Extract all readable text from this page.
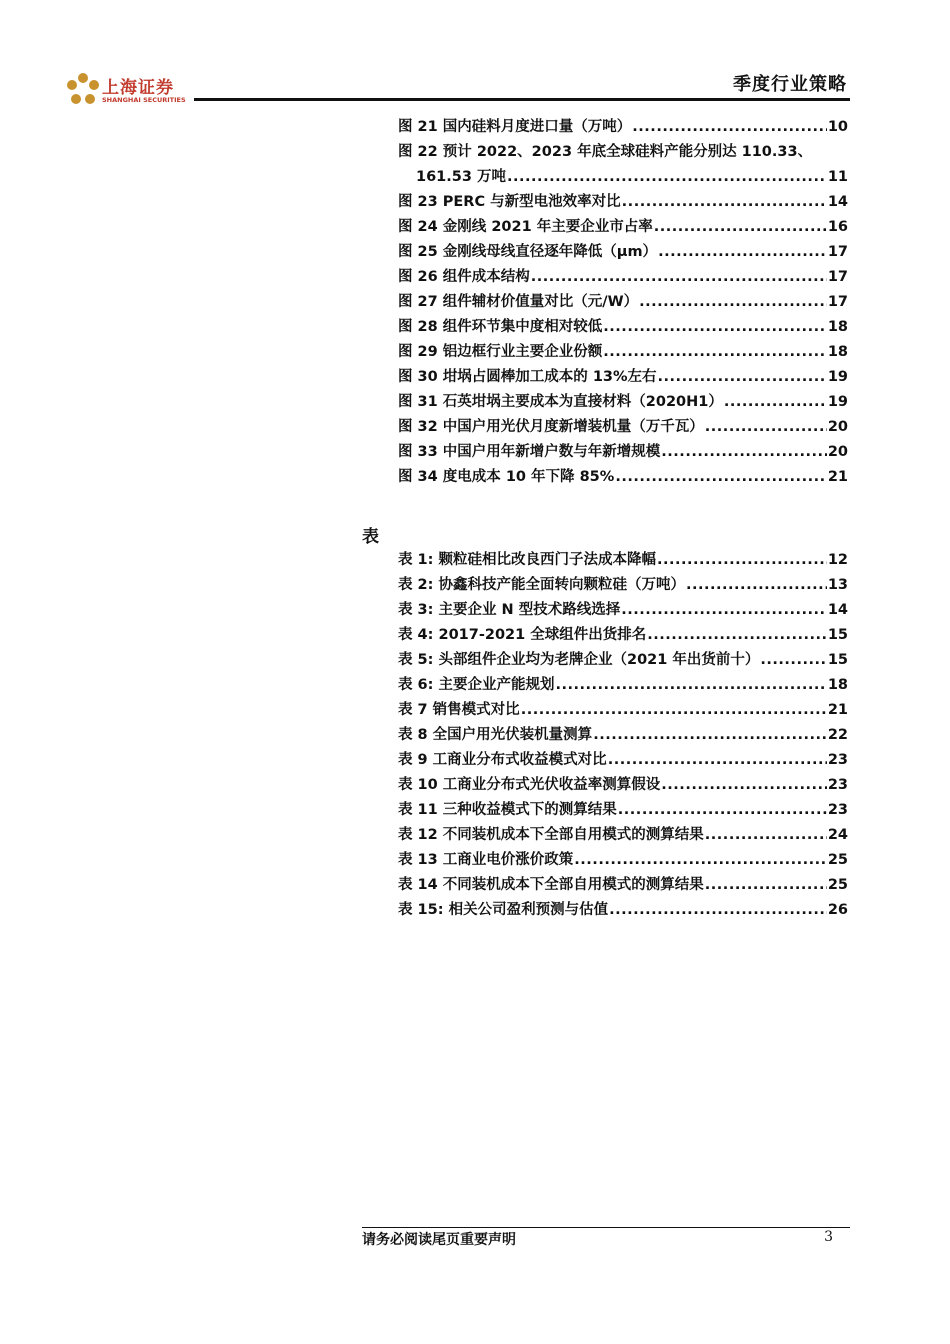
上海证券
SHANGHAI SECURITIES
季度行业策略
图 21 国内硅料月度进口量（万吨） .....	10
图 22 预计 2022、2023 年底全球硅料产能分别达 110.33、
161.53 万吨 .....	11
图 23 PERC 与新型电池效率对比 .....	14
图 24 金刚线 2021 年主要企业市占率 .....	16
图 25 金刚线母线直径逐年降低（μm） .....	17
图 26 组件成本结构 .....	17
图 27 组件辅材价值量对比（元/W） .....	17
图 28 组件环节集中度相对较低 .....	18
图 29 铝边框行业主要企业份额 .....	18
图 30 坩埚占圆棒加工成本的 13%左右 .....	19
图 31 石英坩埚主要成本为直接材料（2020H1） .....	19
图 32 中国户用光伏月度新增装机量（万千瓦） .....	20
图 33 中国户用年新增户数与年新增规模 .....	20
图 34 度电成本 10 年下降 85% .....	21
表
表 1: 颗粒硅相比改良西门子法成本降幅 .....	12
表 2: 协鑫科技产能全面转向颗粒硅（万吨） .....	13
表 3: 主要企业 N 型技术路线选择 .....	14
表 4: 2017-2021 全球组件出货排名 .....	15
表 5: 头部组件企业均为老牌企业（2021 年出货前十） .....	15
表 6: 主要企业产能规划 .....	18
表 7 销售模式对比 .....	21
表 8 全国户用光伏装机量测算 .....	22
表 9 工商业分布式收益模式对比 .....	23
表 10 工商业分布式光伏收益率测算假设 .....	23
表 11 三种收益模式下的测算结果 .....	23
表 12 不同装机成本下全部自用模式的测算结果 .....	24
表 13 工商业电价涨价政策 .....	25
表 14 不同装机成本下全部自用模式的测算结果 .....	25
表 15: 相关公司盈利预测与估值 .....	26
请务必阅读尾页重要声明	3
